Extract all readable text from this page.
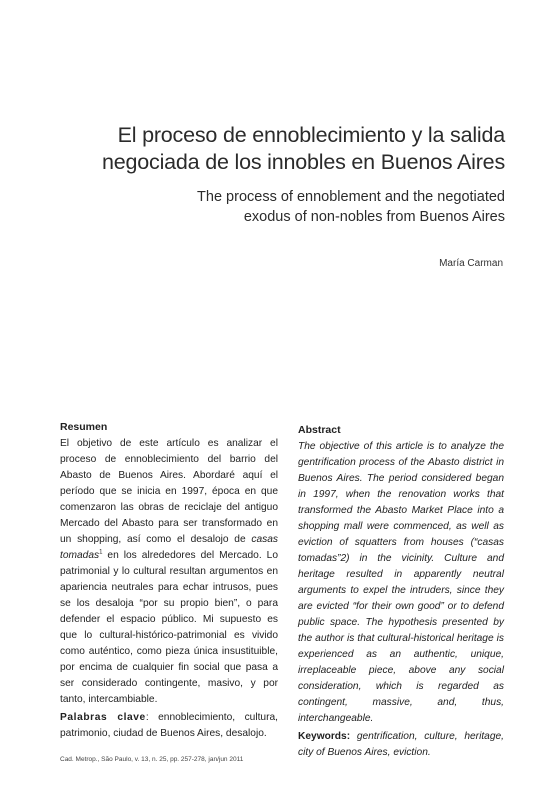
El proceso de ennoblecimiento y la salida
negociada de los innobles en Buenos Aires
The process of ennoblement and the negotiated
exodus of non-nobles from Buenos Aires
María Carman
Resumen

El objetivo de este artículo es analizar el proceso de ennoblecimiento del barrio del Abasto de Buenos Aires. Abordaré aquí el período que se inicia en 1997, época en que comenzaron las obras de reciclaje del antiguo Mercado del Abasto para ser transformado en un shopping, así como el desalojo de casas tomadas$^1$ en los alrededores del Mercado. Lo patrimonial y lo cultural resultan argumentos en apariencia neutrales para echar intrusos, pues se los desaloja “por su propio bien”, o para defender el espacio público. Mi supuesto es que lo cultural-histórico-patrimonial es vivido como auténtico, como pieza única insustituible, por encima de cualquier fin social que pasa a ser considerado contingente, masivo, y por tanto, intercambiable.

Palabras clave: ennoblecimiento, cultura, patrimonio, ciudad de Buenos Aires, desalojo.

Abstract

The objective of this article is to analyze the gentrification process of the Abasto district in Buenos Aires. The period considered began in 1997, when the renovation works that transformed the Abasto Market Place into a shopping mall were commenced, as well as eviction of squatters from houses (“casas tomadas”2) in the vicinity. Culture and heritage resulted in apparently neutral arguments to expel the intruders, since they are evicted “for their own good” or to defend public space. The hypothesis presented by the author is that cultural-historical heritage is experienced as an authentic, unique, irreplaceable piece, above any social consideration, which is regarded as contingent, massive, and, thus, interchangeable.

Keywords: gentrification, culture, heritage, city of Buenos Aires, eviction.

Cad. Metrop., São Paulo, v. 13, n. 25, pp. 257-278, jan/jun 2011
